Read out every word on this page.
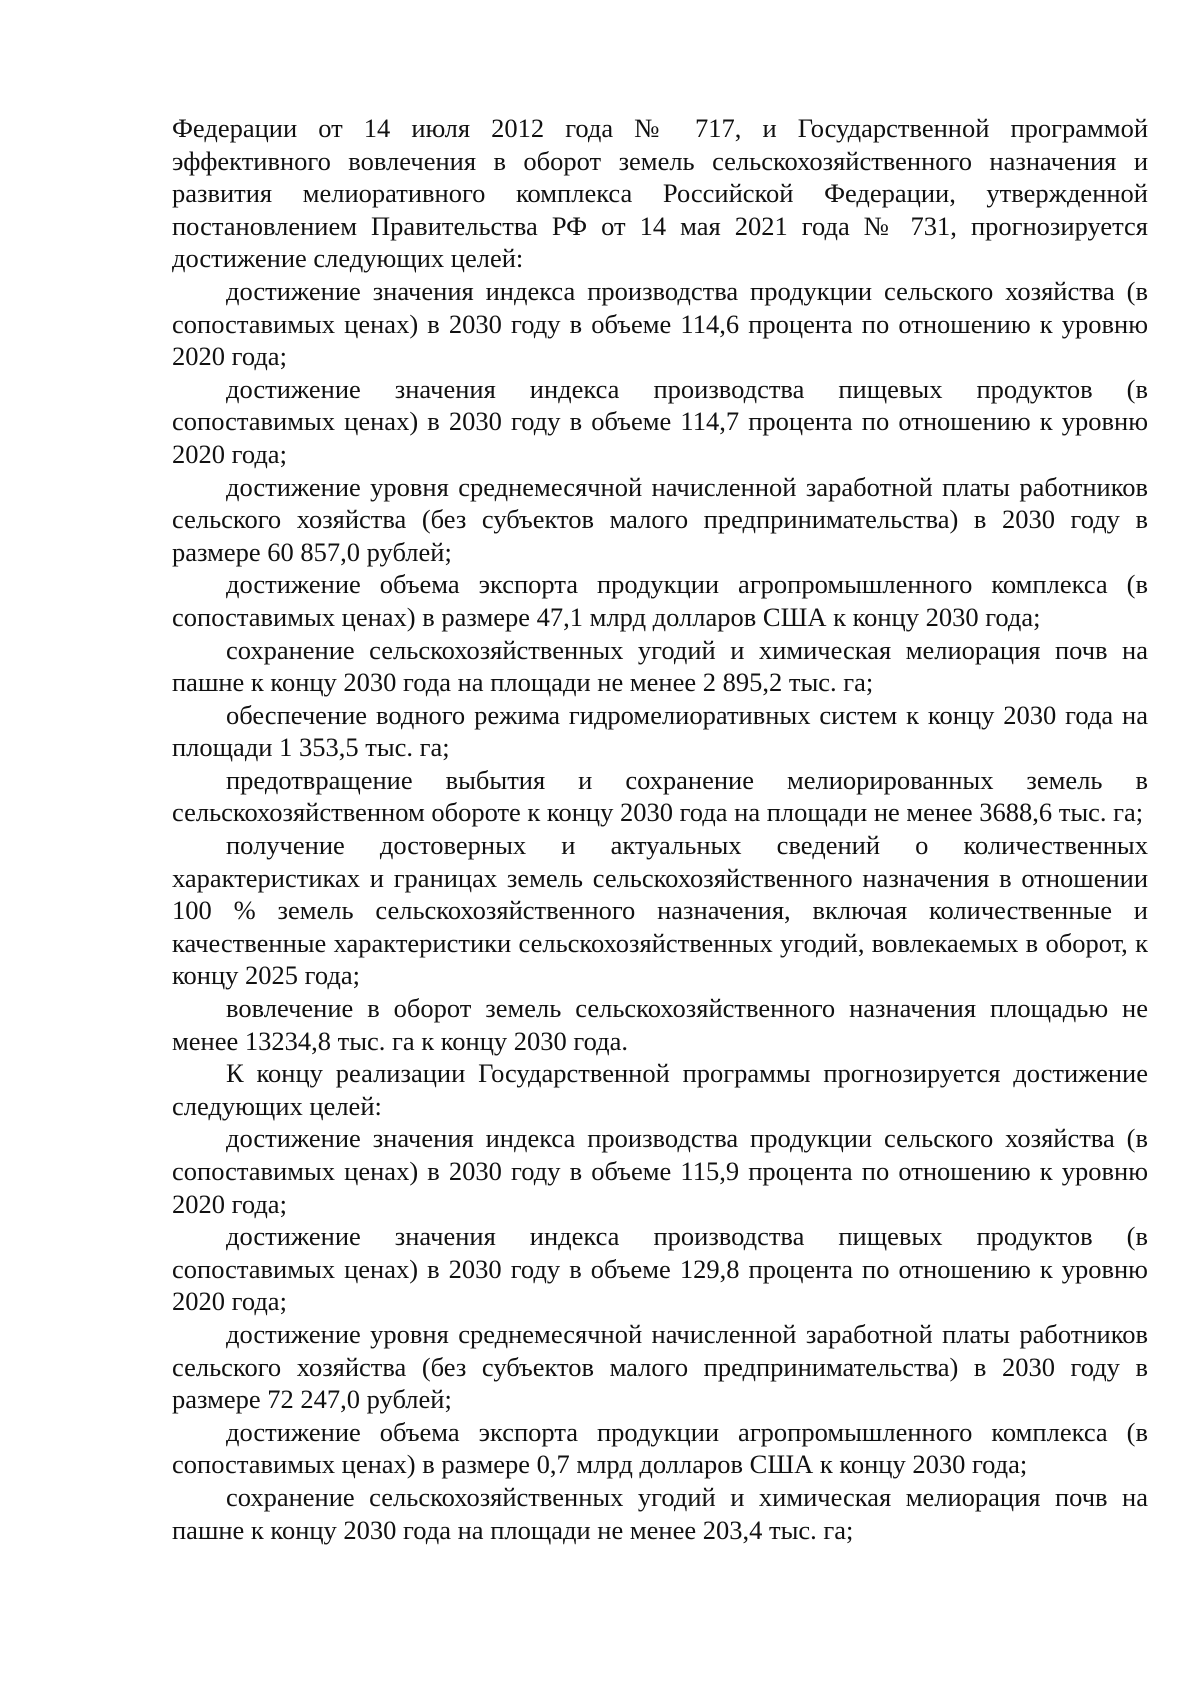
Федерации от 14 июля 2012 года № 717, и Государственной программой эффективного вовлечения в оборот земель сельскохозяйственного назначения и развития мелиоративного комплекса Российской Федерации, утвержденной постановлением Правительства РФ от 14 мая 2021 года № 731, прогнозируется достижение следующих целей:

достижение значения индекса производства продукции сельского хозяйства (в сопоставимых ценах) в 2030 году в объеме 114,6 процента по отношению к уровню 2020 года;

достижение значения индекса производства пищевых продуктов (в сопоставимых ценах) в 2030 году в объеме 114,7 процента по отношению к уровню 2020 года;

достижение уровня среднемесячной начисленной заработной платы работников сельского хозяйства (без субъектов малого предпринимательства) в 2030 году в размере 60 857,0 рублей;

достижение объема экспорта продукции агропромышленного комплекса (в сопоставимых ценах) в размере 47,1 млрд долларов США к концу 2030 года;

сохранение сельскохозяйственных угодий и химическая мелиорация почв на пашне к концу 2030 года на площади не менее 2 895,2 тыс. га;

обеспечение водного режима гидромелиоративных систем к концу 2030 года на площади 1 353,5 тыс. га;

предотвращение выбытия и сохранение мелиорированных земель в сельскохозяйственном обороте к концу 2030 года на площади не менее 3688,6 тыс. га;

получение достоверных и актуальных сведений о количественных характеристиках и границах земель сельскохозяйственного назначения в отношении 100 % земель сельскохозяйственного назначения, включая количественные и качественные характеристики сельскохозяйственных угодий, вовлекаемых в оборот, к концу 2025 года;

вовлечение в оборот земель сельскохозяйственного назначения площадью не менее 13234,8 тыс. га к концу 2030 года.

К концу реализации Государственной программы прогнозируется достижение следующих целей:

достижение значения индекса производства продукции сельского хозяйства (в сопоставимых ценах) в 2030 году в объеме 115,9 процента по отношению к уровню 2020 года;

достижение значения индекса производства пищевых продуктов (в сопоставимых ценах) в 2030 году в объеме 129,8 процента по отношению к уровню 2020 года;

достижение уровня среднемесячной начисленной заработной платы работников сельского хозяйства (без субъектов малого предпринимательства) в 2030 году в размере 72 247,0 рублей;

достижение объема экспорта продукции агропромышленного комплекса (в сопоставимых ценах) в размере 0,7 млрд долларов США к концу 2030 года;

сохранение сельскохозяйственных угодий и химическая мелиорация почв на пашне к концу 2030 года на площади не менее 203,4 тыс. га;
